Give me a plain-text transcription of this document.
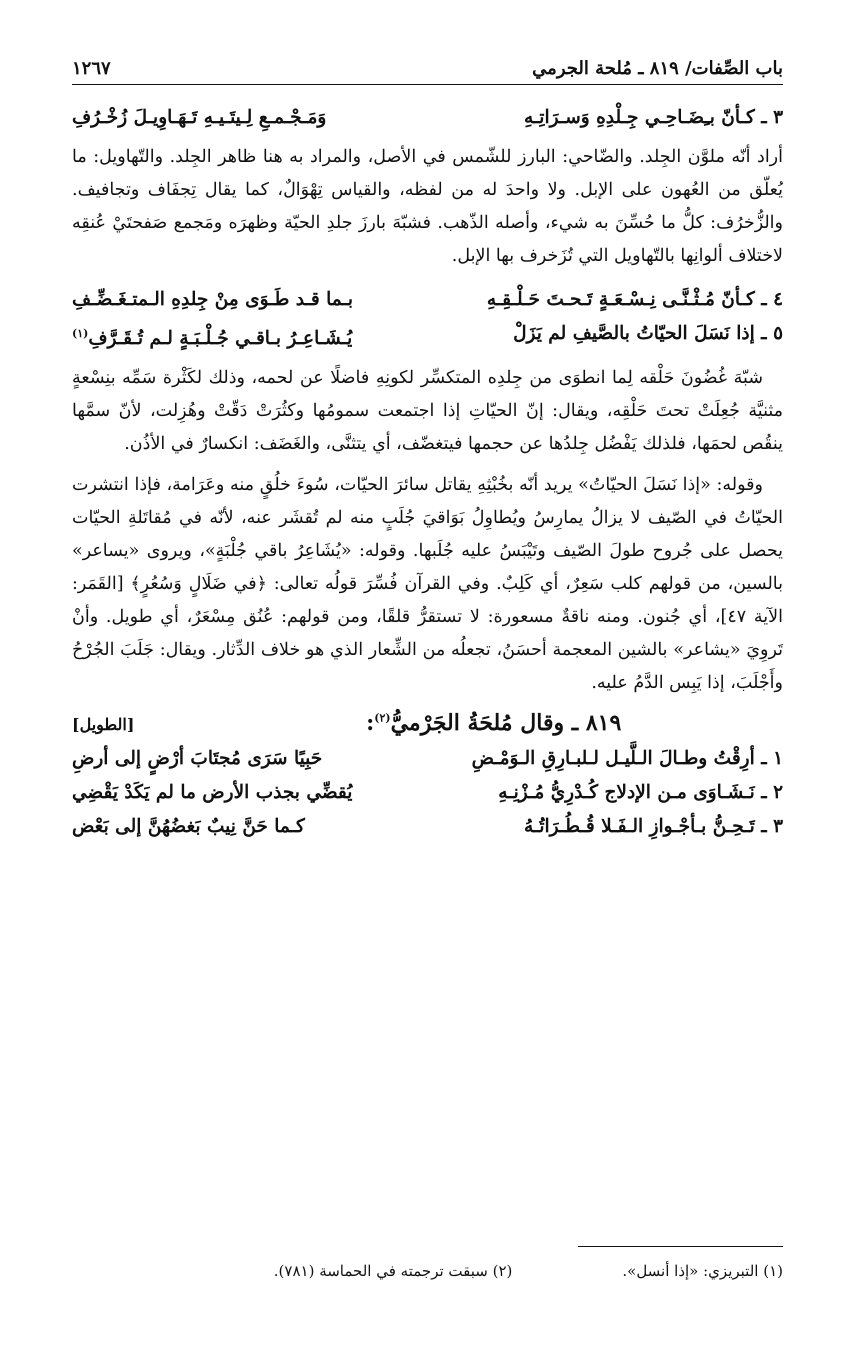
باب الصِّفات/ ٨١٩ ـ مُلحة الجرمي
١٢٦٧
٣ ـ كـأنّ بـِضَـاحِـي جِـلْدِهِ وَسـرَاتِـهِ
وَمَـجْـمـعِ لِـيتَـيـهِ تَـهَـاوِيـلَ زُخْـرُفِ

أراد أنّه ملوَّن الجِلد. والضّاحي: البارز للشّمس في الأصل، والمراد به هنا ظاهر الجِلد. والتّهاويل: ما يُعلّق من العُهون على الإبل. ولا واحدَ له من لفظه، والقياس تِهْوَالٌ، كما يقال تِجفَاف وتجافيف. والزُّخرُف: كلُّ ما حُسِّنَ به شيء، وأصله الذّهب. فشبّهَ بارزَ جلدِ الحيّة وظهرَه ومَجمع صَفحتَيْ عُنقِه لاختلاف ألوانِها بالتّهاويل التي تُزَخرف بها الإبل.

٤ ـ كـأنّ مُـثْـنَّـى نِـسْـعَـةٍ تَـحـتَ حَـلْـقِـهِ
بـما قـد طَـوَى مِنْ جِلدِهِ الـمتـغَـضِّـفِ
٥ ـ إذا نَسَلَ الحيّاتُ بالصَّيفِ لم يَزَلْ
يُـشَـاعِـرُ بـاقـي جُـلْـبَـةٍ لـم تُـقَـرَّفِ$^{(١)}$

شبّهَ غُضُونَ حَلْقه لِما انطوَى من جِلدِه المتكسِّر لكونِهِ فاضلًا عن لحمه، وذلك لكَثْرة سَمِّه بنِسْعةٍ مثنيَّة جُعِلَتْ تحتَ حَلْقِه، ويقال: إنّ الحيّاتِ إذا اجتمعت سمومُها وكثُرَتْ دَقّتْ وهُزِلت، لأنّ سمَّها ينقُص لحمَها، فلذلك يَفْضُل جِلدُها عن حجمها فيتغضّف، أي يتثنَّى، والغَضَف: انكسارٌ في الأذُن.

وقوله: «إذا نَسَلَ الحيّاتُ» يريد أنّه بخُبْثِهِ يقاتل سائرَ الحيّات، سُوءَ خلُقٍ منه وعَرَامة، فإذا انتشرت الحيّاتُ في الصّيف لا يزالُ يمارِسُ ويُطاوِلُ بَوَاقيَ جُلَبٍ منه لم تُقشَر عنه، لأنّه في مُقاتَلةِ الحيّات يحصل على جُروح طولَ الصّيف وتَيْبَسُ عليه جُلَبها. وقوله: «يُشَاعِرُ باقي جُلْبَةٍ»، ويروى «يساعر» بالسين، من قولهم كلب سَعِرٌ، أي كَلِبٌ. وفي القرآن فُسِّرَ قولُه تعالى: ﴿في ضَلَالٍ وَسُعُرٍ﴾ [القَمَر: الآية ٤٧]، أي جُنون. ومنه ناقةٌ مسعورة: لا تستقرُّ قلقًا، ومن قولهم: عُنُق مِسْعَرٌ، أي طويل. وأنْ تَروِيَ «يشاعر» بالشين المعجمة أحسَنُ، تجعلُه من الشِّعار الذي هو خلاف الدِّثار. ويقال: جَلَبَ الجُرْحُ وأَجْلَبَ، إذا يَبِس الدَّمُ عليه.

٨١٩ ـ وقال مُلحَةُ الجَرْميُّ$^{(٢)}$:
[الطويل]
١ ـ أرِقْتُ وطـالَ الـلَّيـل لـلبـارِقِ الـوَمْـضِ
حَبِيًا سَرَى مُجتَابَ أرْضٍ إلى أرضِ
٢ ـ نَـشَـاوَى مـن الإدلاج كُـدْرِيُّ مُـزْنِـهِ
يُقضِّي بجذب الأرض ما لم يَكَدْ يَقْضِي
٣ ـ تَـحِـنُّ بـأجْـوازِ الـفَـلا قُـطُـرَاتُـهُ
كـما حَنَّ نِيبٌ بَغضُهُنَّ إلى بَعْض
(١) التبريزي: «إذا أنسل».
(٢) سبقت ترجمته في الحماسة (٧٨١).
